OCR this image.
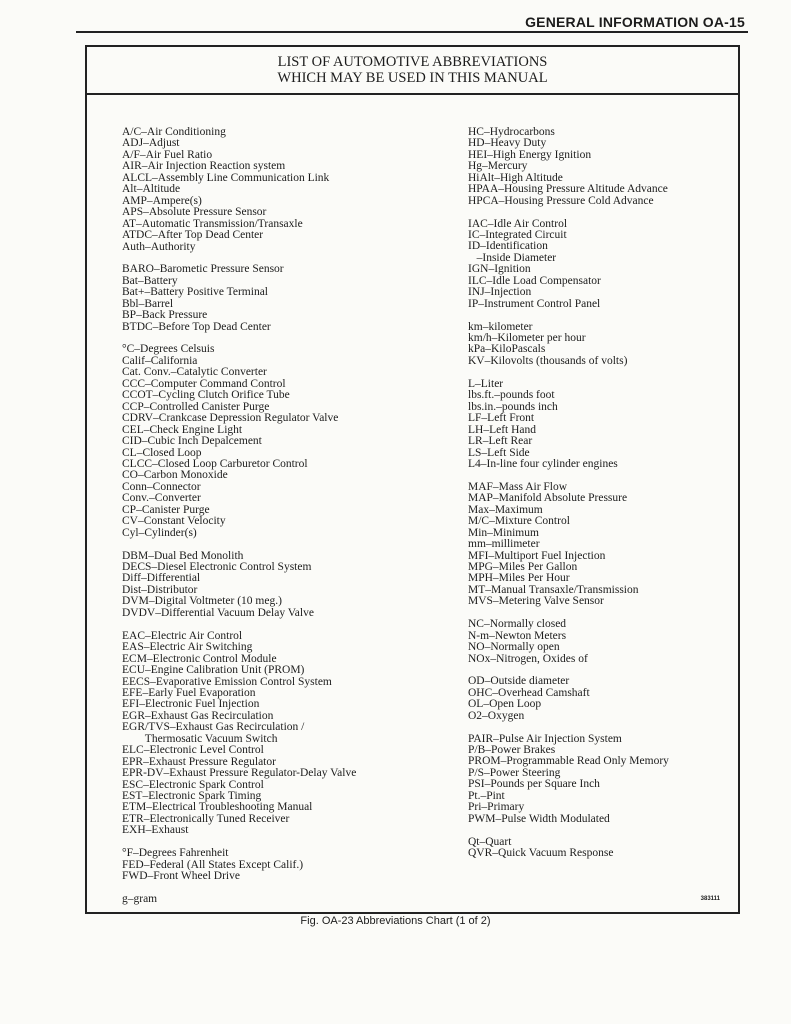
GENERAL INFORMATION OA-15
LIST OF AUTOMOTIVE ABBREVIATIONS
WHICH MAY BE USED IN THIS MANUAL
A/C–Air Conditioning
ADJ–Adjust
A/F–Air Fuel Ratio
AIR–Air Injection Reaction system
ALCL–Assembly Line Communication Link
Alt–Altitude
AMP–Ampere(s)
APS–Absolute Pressure Sensor
AT–Automatic Transmission/Transaxle
ATDC–After Top Dead Center
Auth–Authority
BARO–Barometic Pressure Sensor
Bat–Battery
Bat+–Battery Positive Terminal
Bbl–Barrel
BP–Back Pressure
BTDC–Before Top Dead Center
°C–Degrees Celsuis
Calif–California
Cat. Conv.–Catalytic Converter
CCC–Computer Command Control
CCOT–Cycling Clutch Orifice Tube
CCP–Controlled Canister Purge
CDRV–Crankcase Depression Regulator Valve
CEL–Check Engine Light
CID–Cubic Inch Depalcement
CL–Closed Loop
CLCC–Closed Loop Carburetor Control
CO–Carbon Monoxide
Conn–Connector
Conv.–Converter
CP–Canister Purge
CV–Constant Velocity
Cyl–Cylinder(s)
DBM–Dual Bed Monolith
DECS–Diesel Electronic Control System
Diff–Differential
Dist–Distributor
DVM–Digital Voltmeter (10 meg.)
DVDV–Differential Vacuum Delay Valve
EAC–Electric Air Control
EAS–Electric Air Switching
ECM–Electronic Control Module
ECU–Engine Calibration Unit (PROM)
EECS–Evaporative Emission Control System
EFE–Early Fuel Evaporation
EFI–Electronic Fuel Injection
EGR–Exhaust Gas Recirculation
EGR/TVS–Exhaust Gas Recirculation /
Thermosatic Vacuum Switch
ELC–Electronic Level Control
EPR–Exhaust Pressure Regulator
EPR-DV–Exhaust Pressure Regulator-Delay Valve
ESC–Electronic Spark Control
EST–Electronic Spark Timing
ETM–Electrical Troubleshooting Manual
ETR–Electronically Tuned Receiver
EXH–Exhaust
°F–Degrees Fahrenheit
FED–Federal (All States Except Calif.)
FWD–Front Wheel Drive
g–gram
HC–Hydrocarbons
HD–Heavy Duty
HEI–High Energy Ignition
Hg–Mercury
HiAlt–High Altitude
HPAA–Housing Pressure Altitude Advance
HPCA–Housing Pressure Cold Advance
IAC–Idle Air Control
IC–Integrated Circuit
ID–Identification
–Inside Diameter
IGN–Ignition
ILC–Idle Load Compensator
INJ–Injection
IP–Instrument Control Panel
km–kilometer
km/h–Kilometer per hour
kPa–KiloPascals
KV–Kilovolts (thousands of volts)
L–Liter
lbs.ft.–pounds foot
lbs.in.–pounds inch
LF–Left Front
LH–Left Hand
LR–Left Rear
LS–Left Side
L4–In-line four cylinder engines
MAF–Mass Air Flow
MAP–Manifold Absolute Pressure
Max–Maximum
M/C–Mixture Control
Min–Minimum
mm–millimeter
MFI–Multiport Fuel Injection
MPG–Miles Per Gallon
MPH–Miles Per Hour
MT–Manual Transaxle/Transmission
MVS–Metering Valve Sensor
NC–Normally closed
N-m–Newton Meters
NO–Normally open
NOx–Nitrogen, Oxides of
OD–Outside diameter
OHC–Overhead Camshaft
OL–Open Loop
O2–Oxygen
PAIR–Pulse Air Injection System
P/B–Power Brakes
PROM–Programmable Read Only Memory
P/S–Power Steering
PSI–Pounds per Square Inch
Pt.–Pint
Pri–Primary
PWM–Pulse Width Modulated
Qt–Quart
QVR–Quick Vacuum Response
383111
Fig. OA-23 Abbreviations Chart (1 of 2)
